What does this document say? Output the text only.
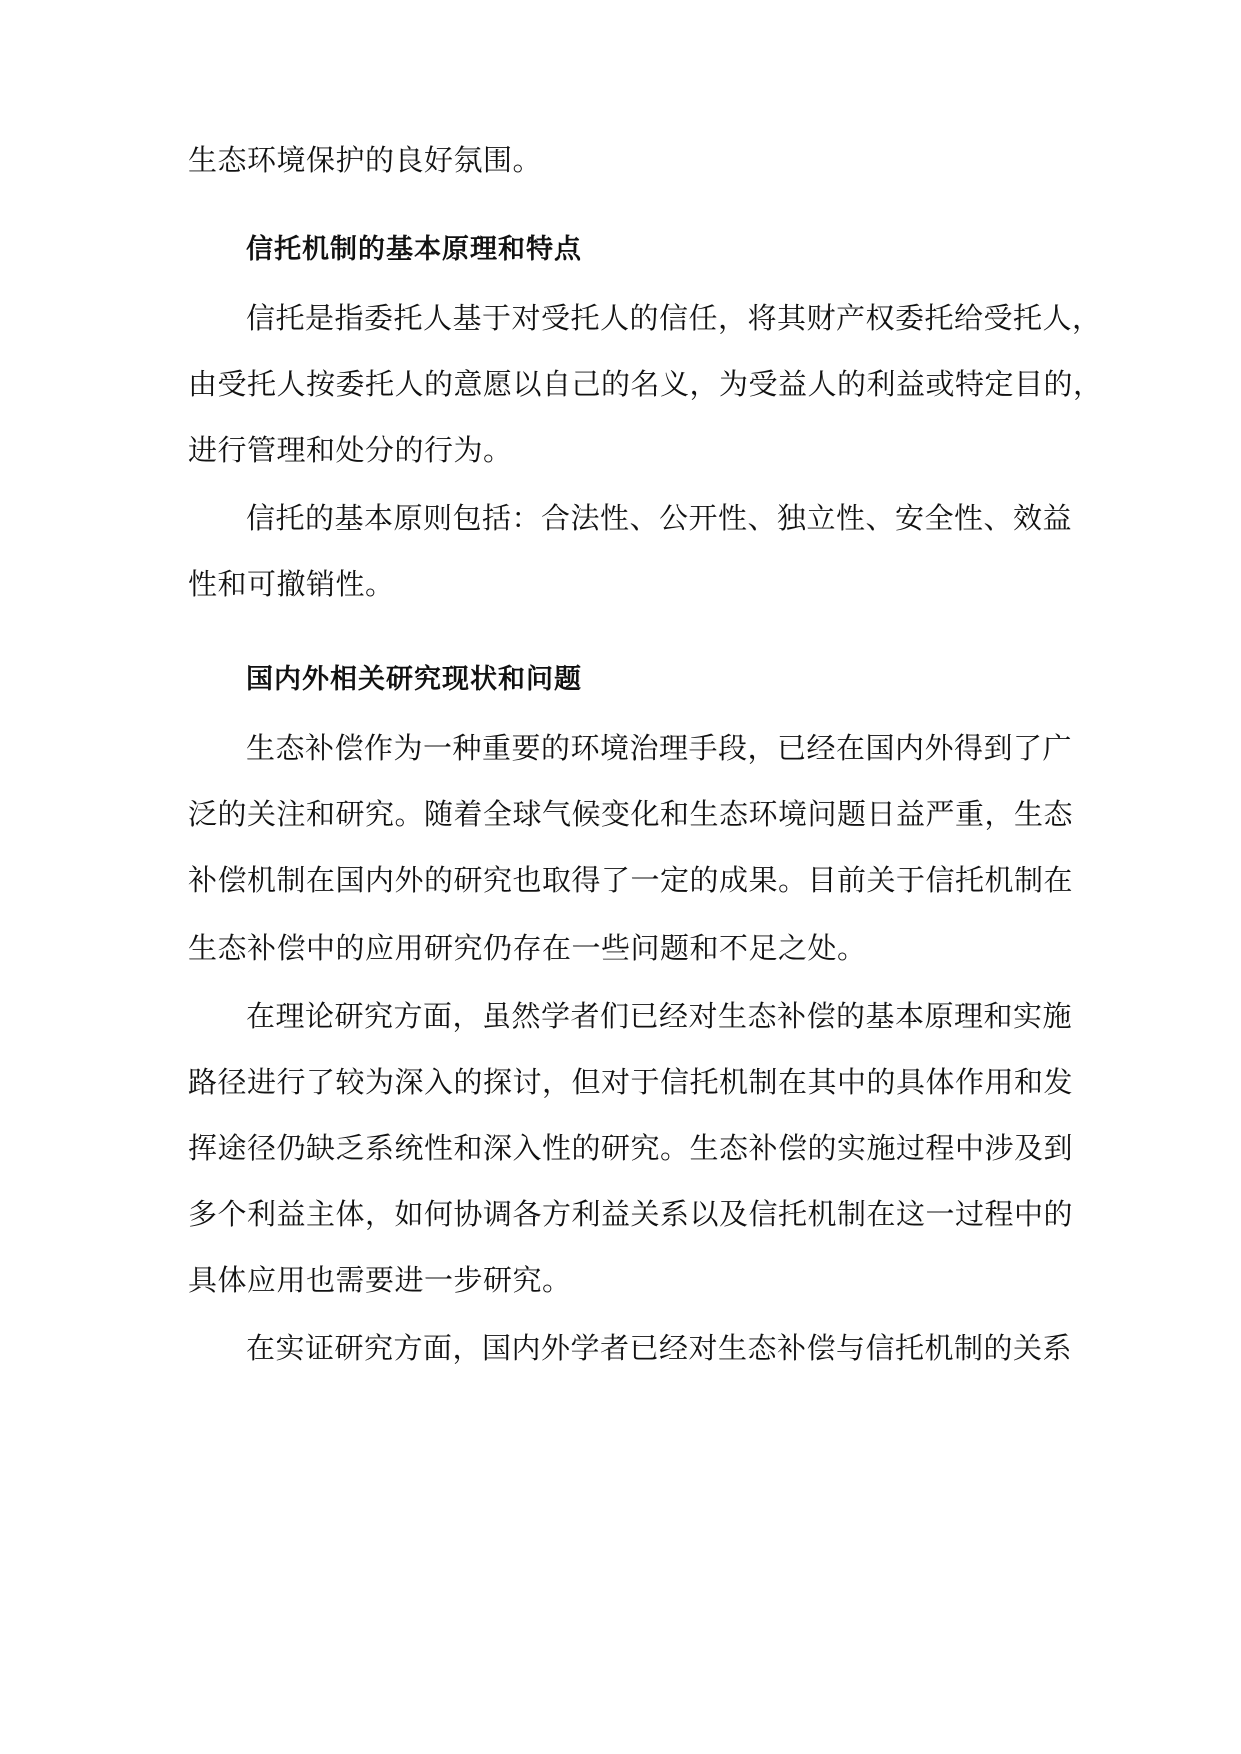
生态环境保护的良好氛围。
信托机制的基本原理和特点
信托是指委托人基于对受托人的信任，将其财产权委托给受托人，
由受托人按委托人的意愿以自己的名义，为受益人的利益或特定目的，
进行管理和处分的行为。
信托的基本原则包括：合法性、公开性、独立性、安全性、效益
性和可撤销性。
国内外相关研究现状和问题
生态补偿作为一种重要的环境治理手段，已经在国内外得到了广
泛的关注和研究。随着全球气候变化和生态环境问题日益严重，生态
补偿机制在国内外的研究也取得了一定的成果。目前关于信托机制在
生态补偿中的应用研究仍存在一些问题和不足之处。
在理论研究方面，虽然学者们已经对生态补偿的基本原理和实施
路径进行了较为深入的探讨，但对于信托机制在其中的具体作用和发
挥途径仍缺乏系统性和深入性的研究。生态补偿的实施过程中涉及到
多个利益主体，如何协调各方利益关系以及信托机制在这一过程中的
具体应用也需要进一步研究。
在实证研究方面，国内外学者已经对生态补偿与信托机制的关系
